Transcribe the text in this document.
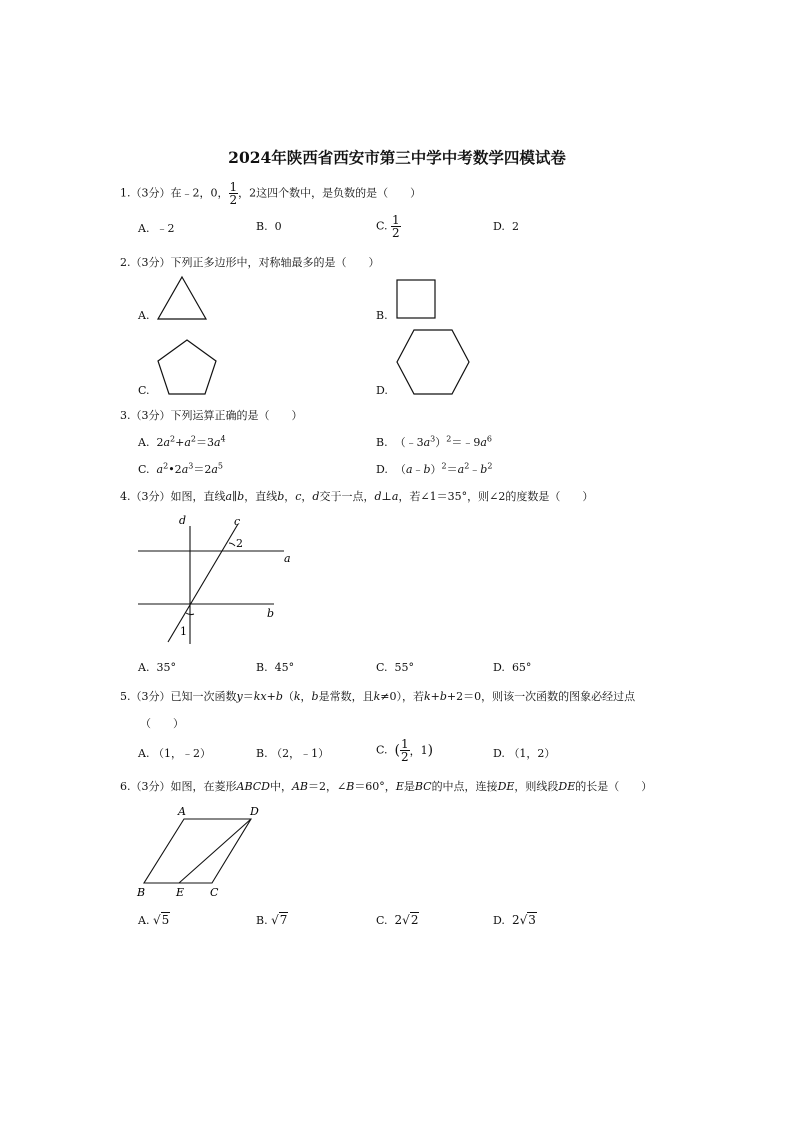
2024年陕西省西安市第三中学中考数学四模试卷
1.（3分）在﹣2，0， $\frac{1}{2}$ ，2这四个数中，是负数的是（　　）
A. ﹣2	B. 0	C. $\frac{1}{2}$	D. 2
2.（3分）下列正多边形中，对称轴最多的是（　　）
A.	B.
C.	D.
3.（3分）下列运算正确的是（　　）
A.  $2a^2+a^2=3a^4$	B.  $(﹣3a^3)^2=﹣9a^6$
C. $a^2•2a^3=2a^5$	D.  $(a﹣b)^2=a^2﹣b^2$
4.（3分）如图，直线a∥b，直线b，c，d交于一点，d⊥a，若∠1＝35°，则∠2的度数是（　　）
d	c
2
a
b
1
A. 35°	B. 45°	C. 55°	D. 65°
5.（3分）已知一次函数y＝kx+b（k，b是常数，且k≠0），若k+b+2＝0，则该一次函数的图象必经过点
（　　）
A. （1，﹣2）	B. （2，﹣1）	C. ( $\frac{1}{2}$ ，1)	D. （1，2）
6.（3分）如图，在菱形ABCD中，AB＝2，∠B＝60°，E是BC的中点，连接DE，则线段DE的长是（　　）
A	D
B	E C
A. √5	B. √7	C. 2√2	D. 2√3
